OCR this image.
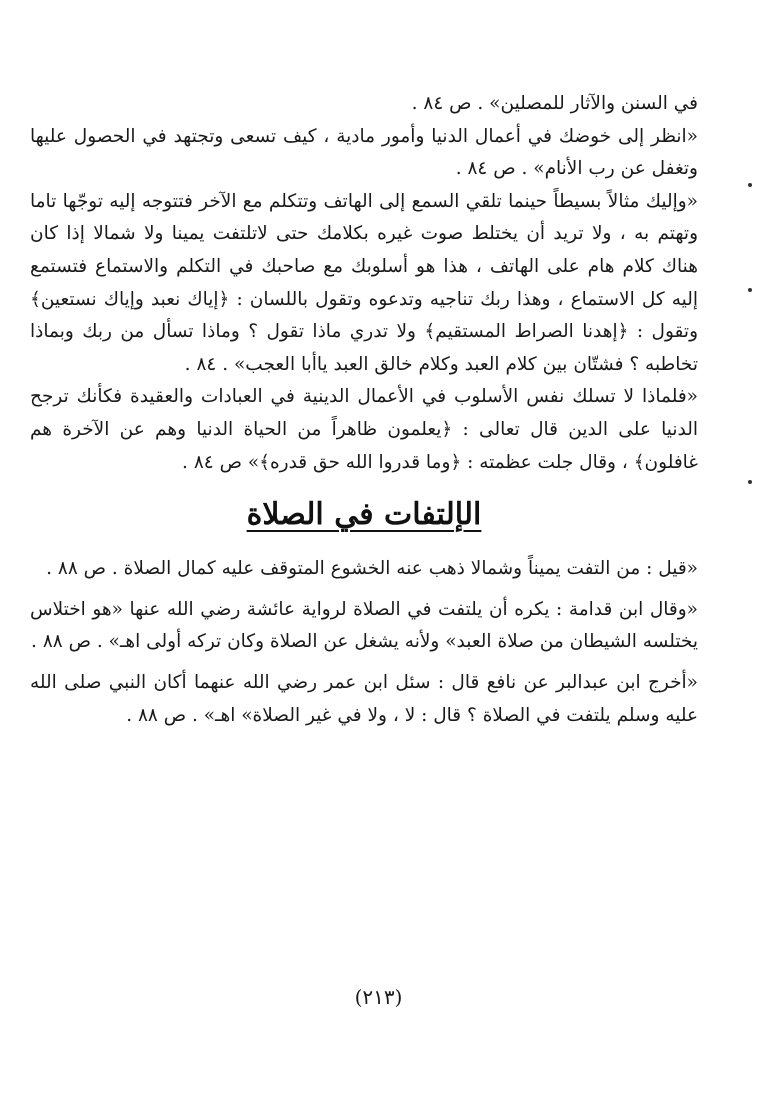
في السنن والآثار للمصلين» . ص ٨٤ .

«انظر إلى خوضك في أعمال الدنيا وأمور مادية ، كيف تسعى وتجتهد في الحصول عليها وتغفل عن رب الأنام» . ص ٨٤ .

«وإليك مثالاً بسيطاً حينما تلقي السمع إلى الهاتف وتتكلم مع الآخر فتتوجه إليه توجّها تاما وتهتم به ، ولا تريد أن يختلط صوت غيره بكلامك حتى لاتلتفت يمينا ولا شمالا إذا كان هناك كلام هام على الهاتف ، هذا هو أسلوبك مع صاحبك في التكلم والاستماع فتستمع إليه كل الاستماع ، وهذا ربك تناجيه وتدعوه وتقول باللسان : ﴿إياك نعبد وإياك نستعين﴾ وتقول : ﴿إهدنا الصراط المستقيم﴾ ولا تدري ماذا تقول ؟ وماذا تسأل من ربك وبماذا تخاطبه ؟ فشتّان بين كلام العبد وكلام خالق العبد ياأبا العجب» . ٨٤ .

«فلماذا لا تسلك نفس الأسلوب في الأعمال الدينية في العبادات والعقيدة فكأنك ترجح الدنيا على الدين قال تعالى : ﴿يعلمون ظاهراً من الحياة الدنيا وهم عن الآخرة هم غافلون﴾ ، وقال جلت عظمته : ﴿وما قدروا الله حق قدره﴾» ص ٨٤ .

الإلتفات في الصلاة

«قيل : من التفت يميناً وشمالا ذهب عنه الخشوع المتوقف عليه كمال الصلاة . ص ٨٨ .

«وقال ابن قدامة : يكره أن يلتفت في الصلاة لرواية عائشة رضي الله عنها «هو اختلاس يختلسه الشيطان من صلاة العبد» ولأنه يشغل عن الصلاة وكان تركه أولى اهـ» . ص ٨٨ .

«أخرج ابن عبدالبر عن نافع قال : سئل ابن عمر رضي الله عنهما أكان النبي صلى الله عليه وسلم يلتفت في الصلاة ؟ قال : لا ، ولا في غير الصلاة» اهـ» . ص ٨٨ .

(٢١٣)
